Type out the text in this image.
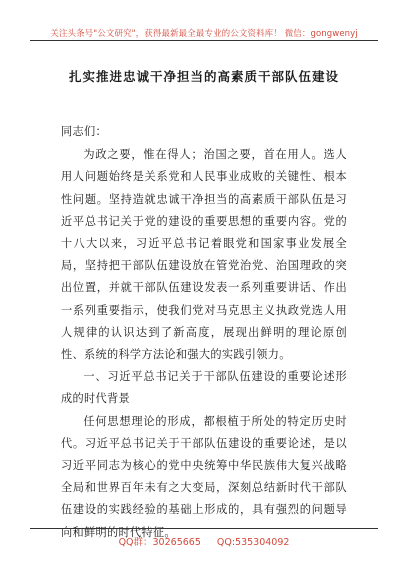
关注头条号"公文研究"，获得最新最全最专业的公文资料库！ 微信：gongwenyj
扎实推进忠诚干净担当的高素质干部队伍建设

同志们：

为政之要，惟在得人；治国之要，首在用人。选人用人问题始终是关系党和人民事业成败的关键性、根本性问题。坚持造就忠诚干净担当的高素质干部队伍是习近平总书记关于党的建设的重要思想的重要内容。党的十八大以来，习近平总书记着眼党和国家事业发展全局，坚持把干部队伍建设放在管党治党、治国理政的突出位置，并就干部队伍建设发表一系列重要讲话、作出一系列重要指示，使我们党对马克思主义执政党选人用人规律的认识达到了新高度，展现出鲜明的理论原创性、系统的科学方法论和强大的实践引领力。

一、习近平总书记关于干部队伍建设的重要论述形成的时代背景

任何思想理论的形成，都根植于所处的特定历史时代。习近平总书记关于干部队伍建设的重要论述，是以习近平同志为核心的党中央统筹中华民族伟大复兴战略全局和世界百年未有之大变局，深刻总结新时代干部队伍建设的实践经验的基础上形成的，具有强烈的问题导向和鲜明的时代特征。

QQ群：30265665 QQ:535304092
